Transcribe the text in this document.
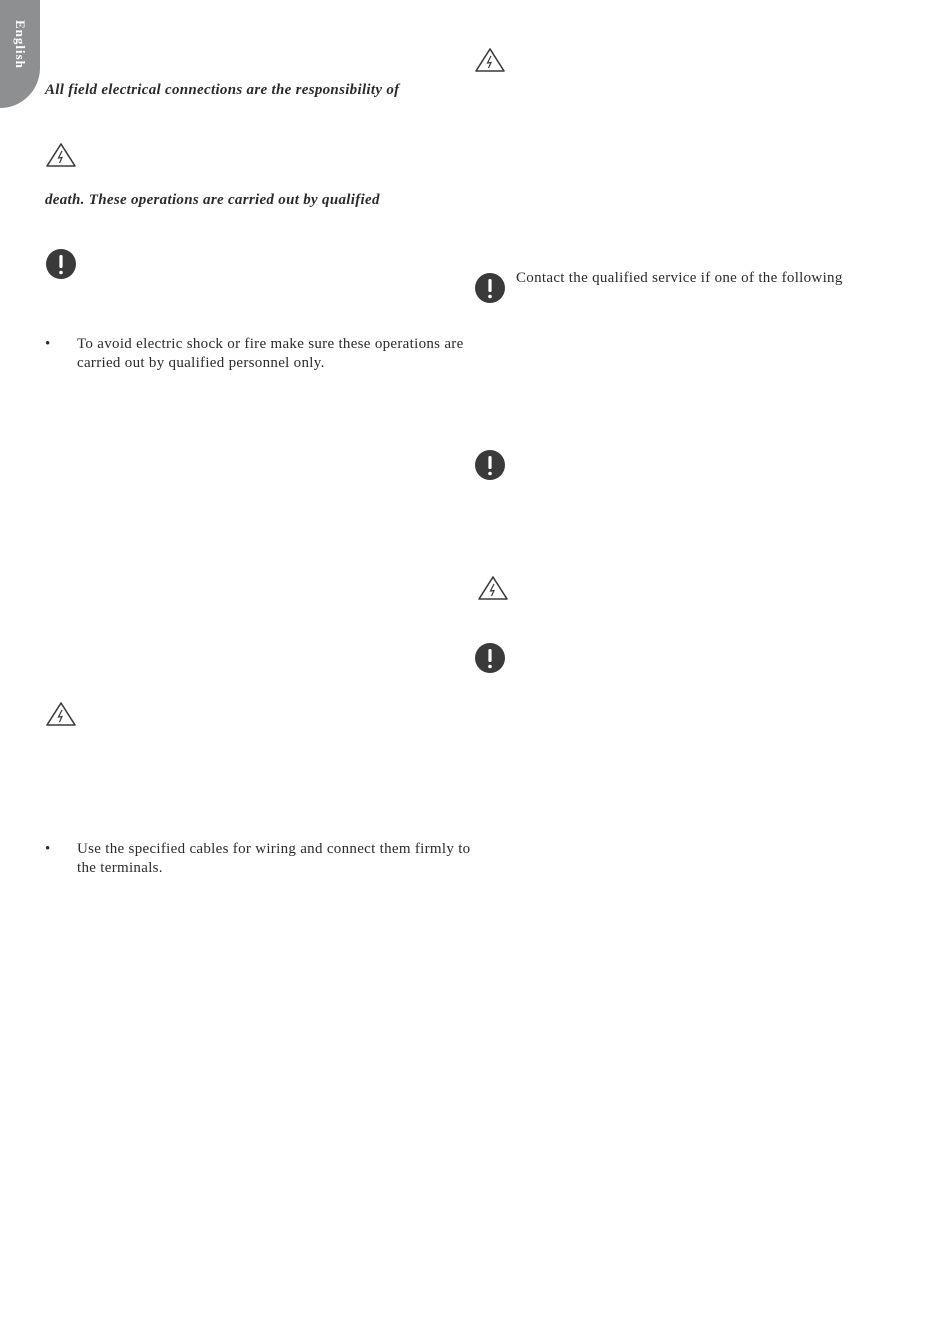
English
All field electrical connections are the responsibility of
death. These operations are carried out by qualified
• To avoid electric shock or fire make sure these operations are carried out by qualified personnel only.
• Use the specified cables for wiring and connect them firmly to the terminals.
Contact the qualified service if one of the following
